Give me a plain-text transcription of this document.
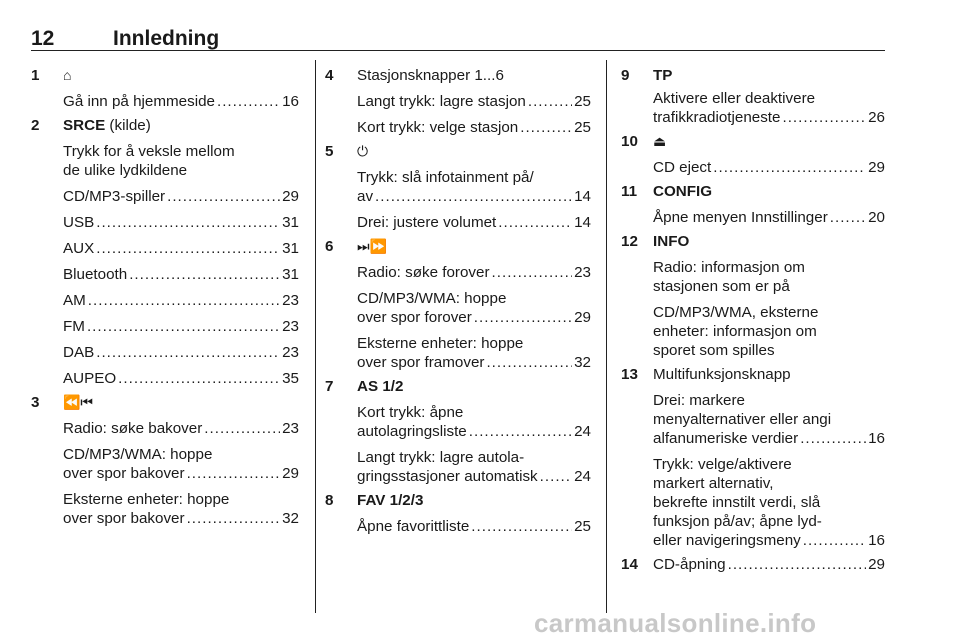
12	Innledning
1 ⌂
Gå inn på hjemmeside .....	16
2 SRCE (kilde)
Trykk for å veksle mellom
de ulike lydkildene
CD/MP3-spiller .....	29
USB .....	31
AUX .....	31
Bluetooth .....	31
AM .....	23
FM .....	23
DAB .....	23
AUPEO .....	35
3 ⏪⏮
Radio: søke bakover .....	23
CD/MP3/WMA: hoppe
over spor bakover .....	29
Eksterne enheter: hoppe
over spor bakover .....	32
4 Stasjonsknapper 1...6
Langt trykk: lagre stasjon .....	25
Kort trykk: velge stasjon .....	25
5 ⏻
Trykk: slå infotainment på/
av .....	14
Drei: justere volumet .....	14
6 ⏭⏩
Radio: søke forover .....	23
CD/MP3/WMA: hoppe
over spor forover .....	29
Eksterne enheter: hoppe
over spor framover .....	32
7 AS 1/2
Kort trykk: åpne
autolagringsliste .....	24
Langt trykk: lagre autola-
gringsstasjoner automatisk ..... 24
8 FAV 1/2/3
Åpne favorittliste .....	25
9 TP
Aktivere eller deaktivere
trafikkradiotjeneste .....	26
10 ⏏
CD eject .....	29
11 CONFIG
Åpne menyen Innstillinger .....	20
12 INFO
Radio: informasjon om
stasjonen som er på
CD/MP3/WMA, eksterne
enheter: informasjon om
sporet som spilles
13 Multifunksjonsknapp
Drei: markere
menyalternativer eller angi
alfanumeriske verdier .....	16
Trykk: velge/aktivere
markert alternativ,
bekrefte innstilt verdi, slå
funksjon på/av; åpne lyd-
eller navigeringsmeny .....	16
14 CD-åpning .....	29
carmanualsonline.info
